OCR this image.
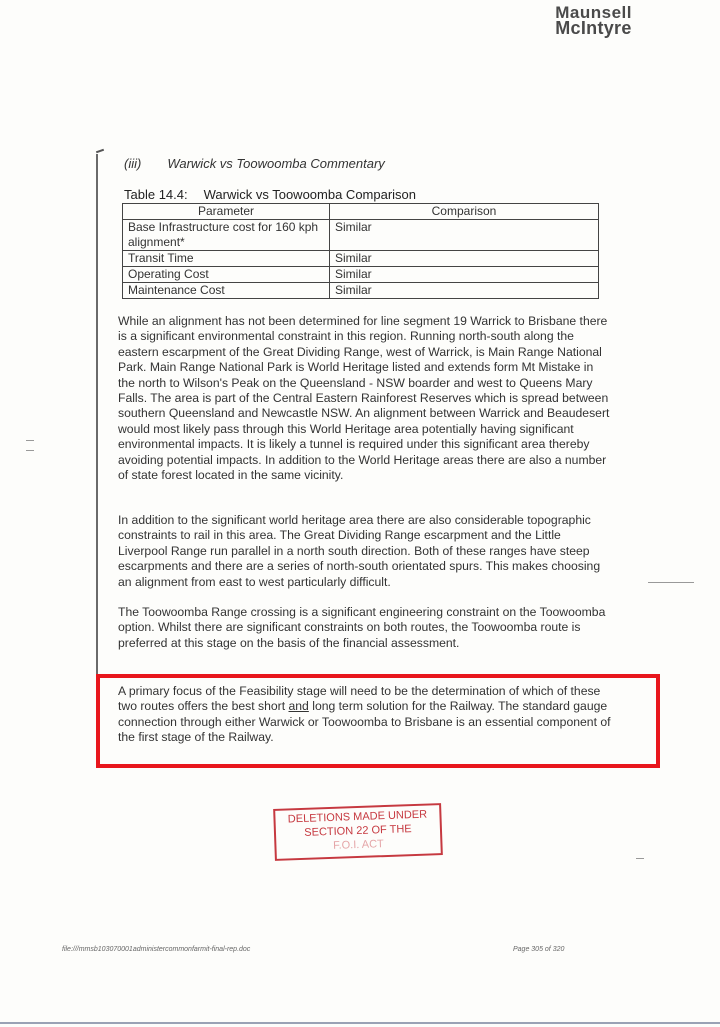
Maunsell
McIntyre
(iii) Warwick vs Toowoomba Commentary
Table 14.4: Warwick vs Toowoomba Comparison
Parameter	Comparison
Base Infrastructure cost for 160 kph alignment*	Similar
Transit Time	Similar
Operating Cost	Similar
Maintenance Cost	Similar
While an alignment has not been determined for line segment 19 Warrick to Brisbane there is a significant environmental constraint in this region. Running north-south along the eastern escarpment of the Great Dividing Range, west of Warrick, is Main Range National Park. Main Range National Park is World Heritage listed and extends form Mt Mistake in the north to Wilson's Peak on the Queensland - NSW boarder and west to Queens Mary Falls. The area is part of the Central Eastern Rainforest Reserves which is spread between southern Queensland and Newcastle NSW. An alignment between Warrick and Beaudesert would most likely pass through this World Heritage area potentially having significant environmental impacts. It is likely a tunnel is required under this significant area thereby avoiding potential impacts. In addition to the World Heritage areas there are also a number of state forest located in the same vicinity.
In addition to the significant world heritage area there are also considerable topographic constraints to rail in this area. The Great Dividing Range escarpment and the Little Liverpool Range run parallel in a north south direction. Both of these ranges have steep escarpments and there are a series of north-south orientated spurs. This makes choosing an alignment from east to west particularly difficult.
The Toowoomba Range crossing is a significant engineering constraint on the Toowoomba option. Whilst there are significant constraints on both routes, the Toowoomba route is preferred at this stage on the basis of the financial assessment.
A primary focus of the Feasibility stage will need to be the determination of which of these two routes offers the best short and long term solution for the Railway. The standard gauge connection through either Warwick or Toowoomba to Brisbane is an essential component of the first stage of the Railway.
DELETIONS MADE UNDER
SECTION 22 OF THE
F.O.I. ACT
file:///mmsb103070001administercommonfarmit-final-rep.doc	Page 305 of 320
